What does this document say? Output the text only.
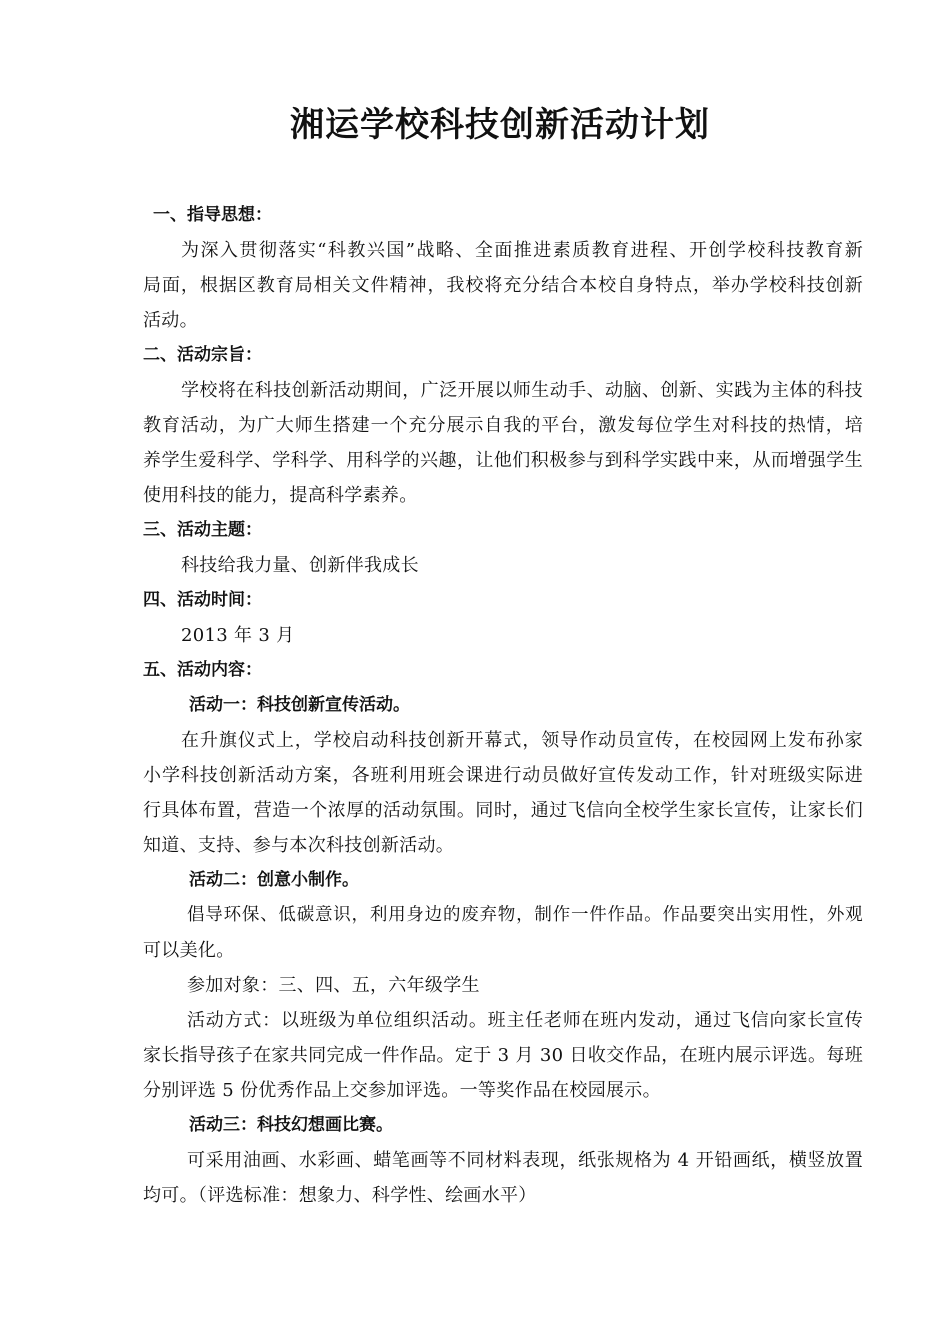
湘运学校科技创新活动计划
一、指导思想：
为深入贯彻落实“科教兴国”战略、全面推进素质教育进程、开创学校科技教育新
局面，根据区教育局相关文件精神，我校将充分结合本校自身特点，举办学校科技创新
活动。
二、活动宗旨：
学校将在科技创新活动期间，广泛开展以师生动手、动脑、创新、实践为主体的科技
教育活动，为广大师生搭建一个充分展示自我的平台，激发每位学生对科技的热情，培
养学生爱科学、学科学、用科学的兴趣，让他们积极参与到科学实践中来，从而增强学生
使用科技的能力，提高科学素养。
三、活动主题：
科技给我力量、创新伴我成长
四、活动时间：
2013 年 3 月
五、活动内容：
活动一：科技创新宣传活动。
在升旗仪式上，学校启动科技创新开幕式，领导作动员宣传，在校园网上发布孙家
小学科技创新活动方案，各班利用班会课进行动员做好宣传发动工作，针对班级实际进
行具体布置，营造一个浓厚的活动氛围。同时，通过飞信向全校学生家长宣传，让家长们
知道、支持、参与本次科技创新活动。
活动二：创意小制作。
倡导环保、低碳意识，利用身边的废弃物，制作一件作品。作品要突出实用性，外观
可以美化。
参加对象：三、四、五，六年级学生
活动方式：以班级为单位组织活动。班主任老师在班内发动，通过飞信向家长宣传
家长指导孩子在家共同完成一件作品。定于 3 月 30 日收交作品，在班内展示评选。每班
分别评选 5 份优秀作品上交参加评选。一等奖作品在校园展示。
活动三：科技幻想画比赛。
可采用油画、水彩画、蜡笔画等不同材料表现，纸张规格为 4 开铅画纸，横竖放置
均可。（评选标准：想象力、科学性、绘画水平）
